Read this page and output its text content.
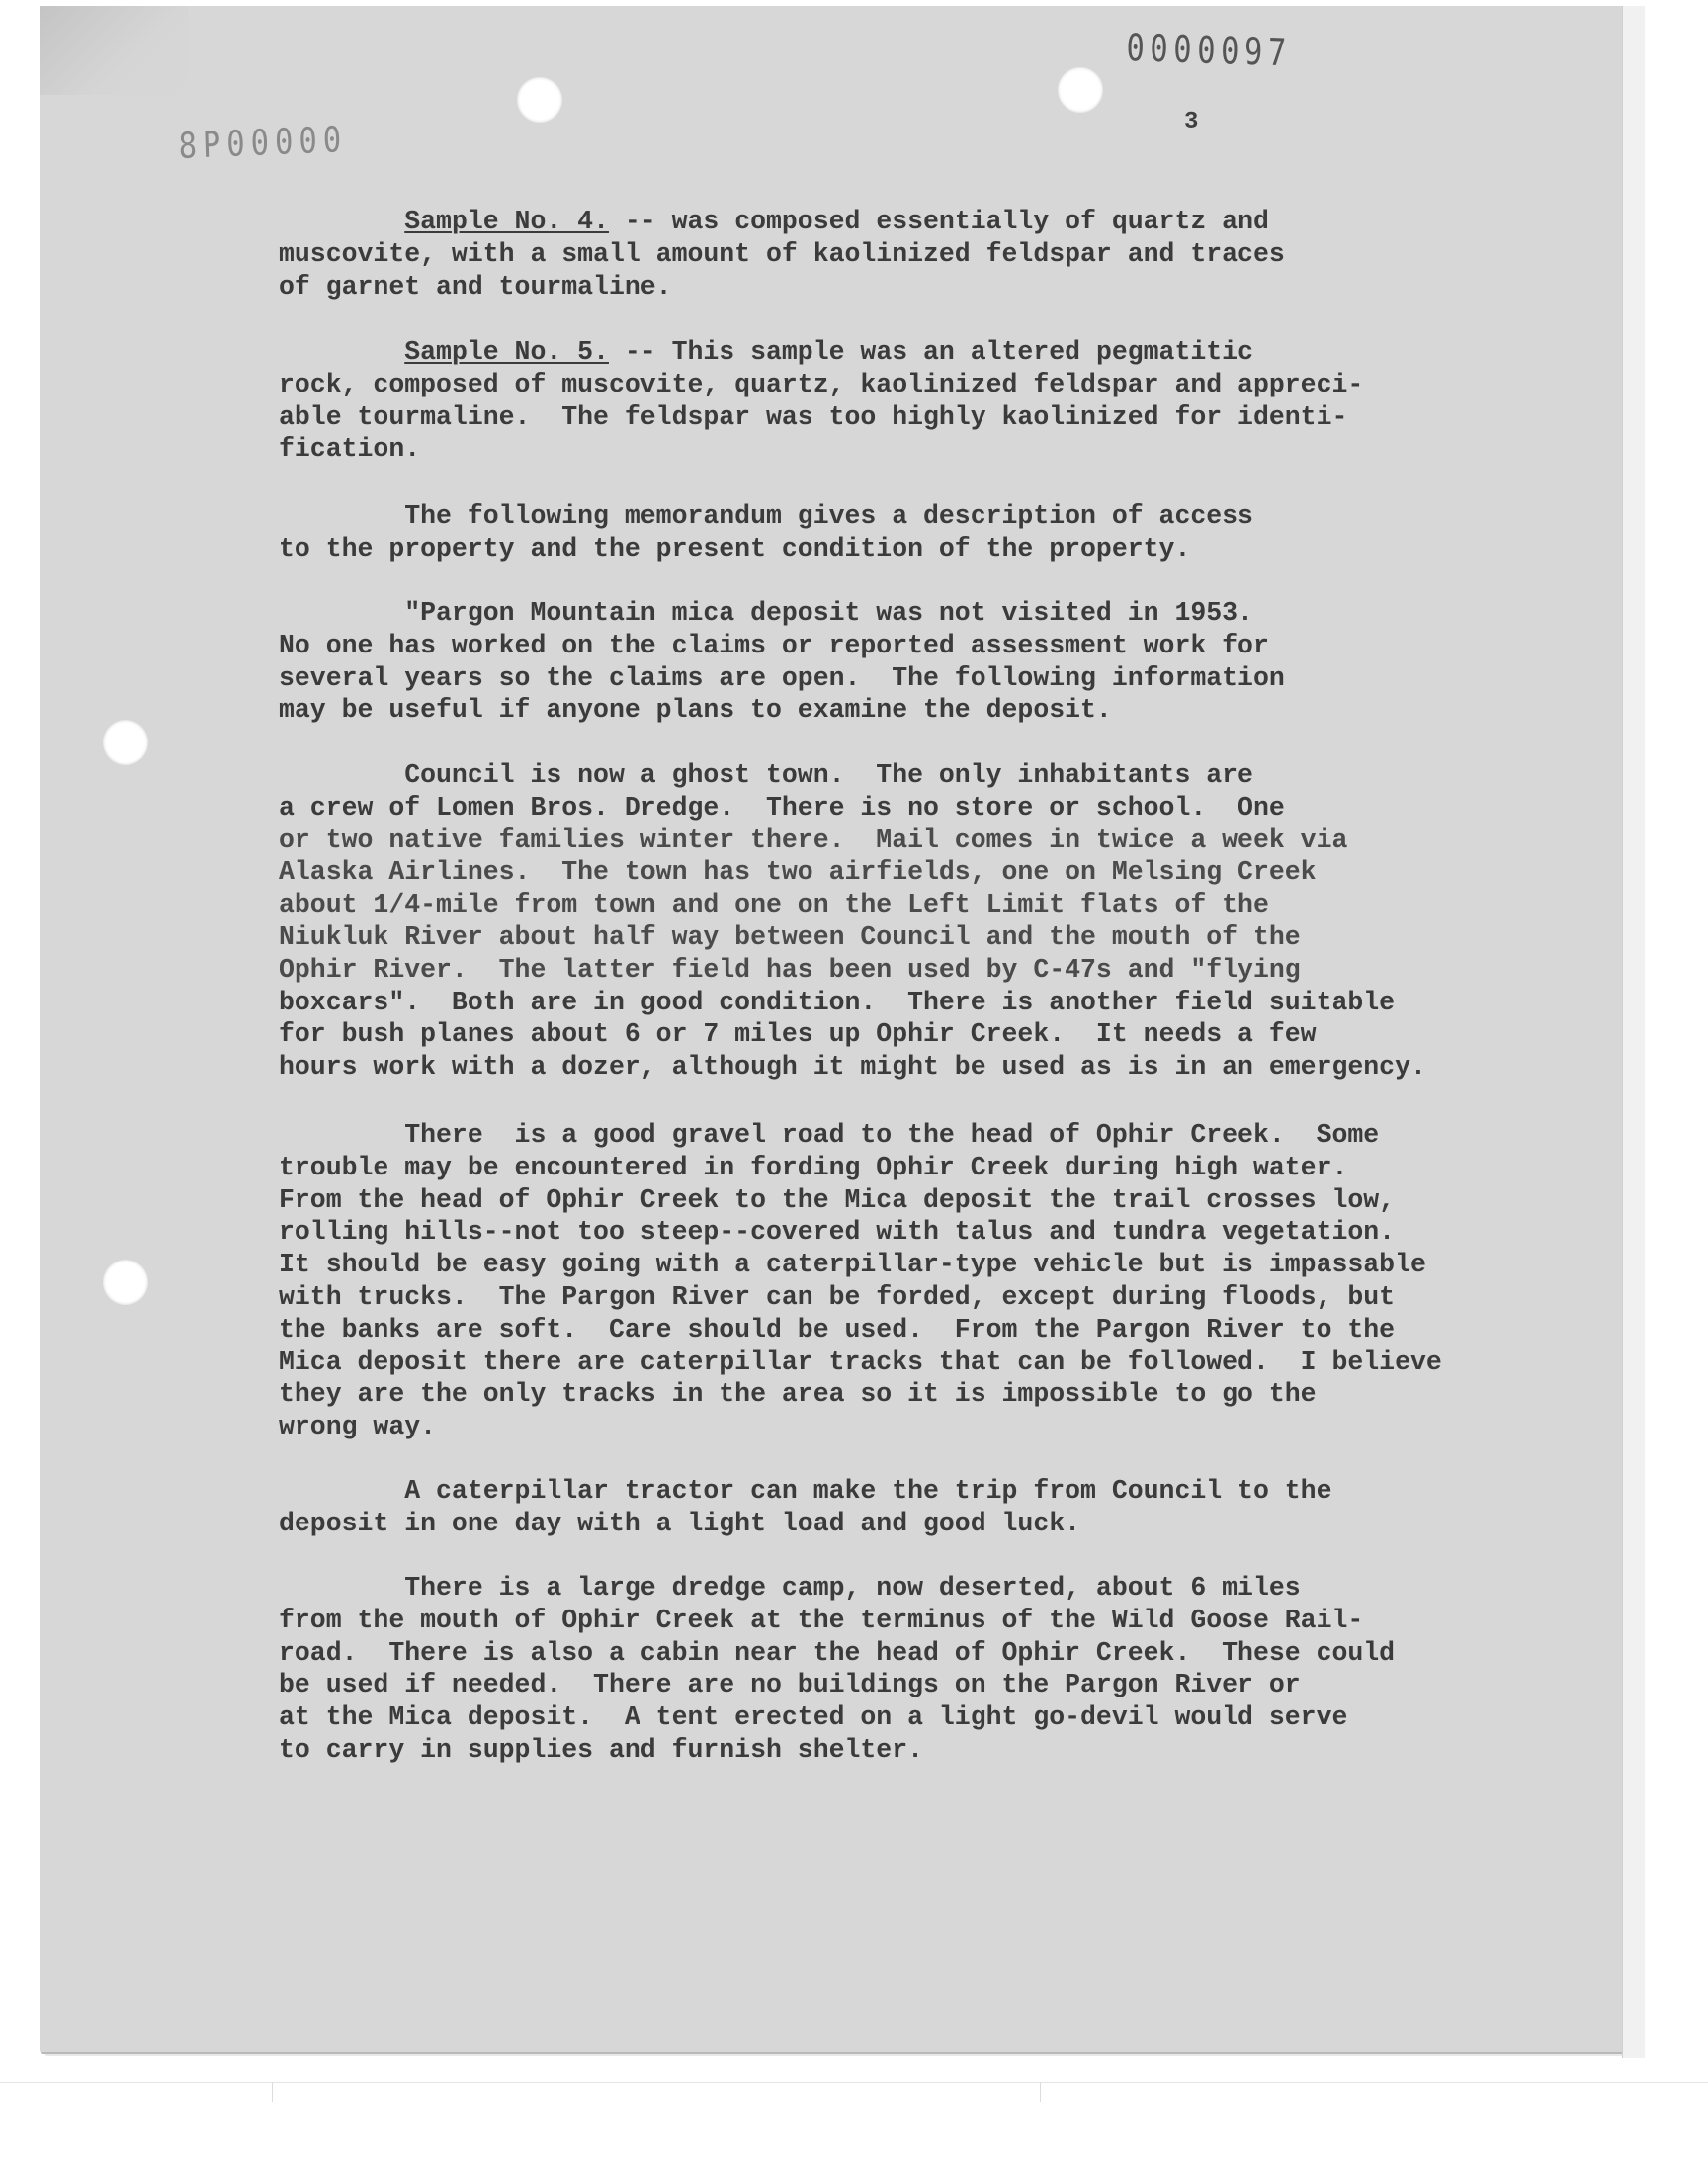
0000097
8P00000	3

Sample No. 4. -- was composed essentially of quartz and

muscovite, with a small amount of kaolinized feldspar and traces

of garnet and tourmaline.

Sample No. 5. -- This sample was an altered pegmatitic

rock, composed of muscovite, quartz, kaolinized feldspar and appreci-

able tourmaline.  The feldspar was too highly kaolinized for identi-

fication.

The following memorandum gives a description of access

to the property and the present condition of the property.

"Pargon Mountain mica deposit was not visited in 1953.

No one has worked on the claims or reported assessment work for

several years so the claims are open.  The following information

may be useful if anyone plans to examine the deposit.

Council is now a ghost town.  The only inhabitants are

a crew of Lomen Bros. Dredge.  There is no store or school.  One

or two native families winter there.  Mail comes in twice a week via

Alaska Airlines.  The town has two airfields, one on Melsing Creek

about 1/4-mile from town and one on the Left Limit flats of the

Niukluk River about half way between Council and the mouth of the

Ophir River.  The latter field has been used by C-47s and "flying

boxcars".  Both are in good condition.  There is another field suitable

for bush planes about 6 or 7 miles up Ophir Creek.  It needs a few

hours work with a dozer, although it might be used as is in an emergency.

There  is a good gravel road to the head of Ophir Creek.  Some

trouble may be encountered in fording Ophir Creek during high water.

From the head of Ophir Creek to the Mica deposit the trail crosses low,

rolling hills--not too steep--covered with talus and tundra vegetation.

It should be easy going with a caterpillar-type vehicle but is impassable

with trucks.  The Pargon River can be forded, except during floods, but

the banks are soft.  Care should be used.  From the Pargon River to the

Mica deposit there are caterpillar tracks that can be followed.  I believe

they are the only tracks in the area so it is impossible to go the

wrong way.

A caterpillar tractor can make the trip from Council to the

deposit in one day with a light load and good luck.

There is a large dredge camp, now deserted, about 6 miles

from the mouth of Ophir Creek at the terminus of the Wild Goose Rail-

road.  There is also a cabin near the head of Ophir Creek.  These could

be used if needed.  There are no buildings on the Pargon River or

at the Mica deposit.  A tent erected on a light go-devil would serve

to carry in supplies and furnish shelter.
